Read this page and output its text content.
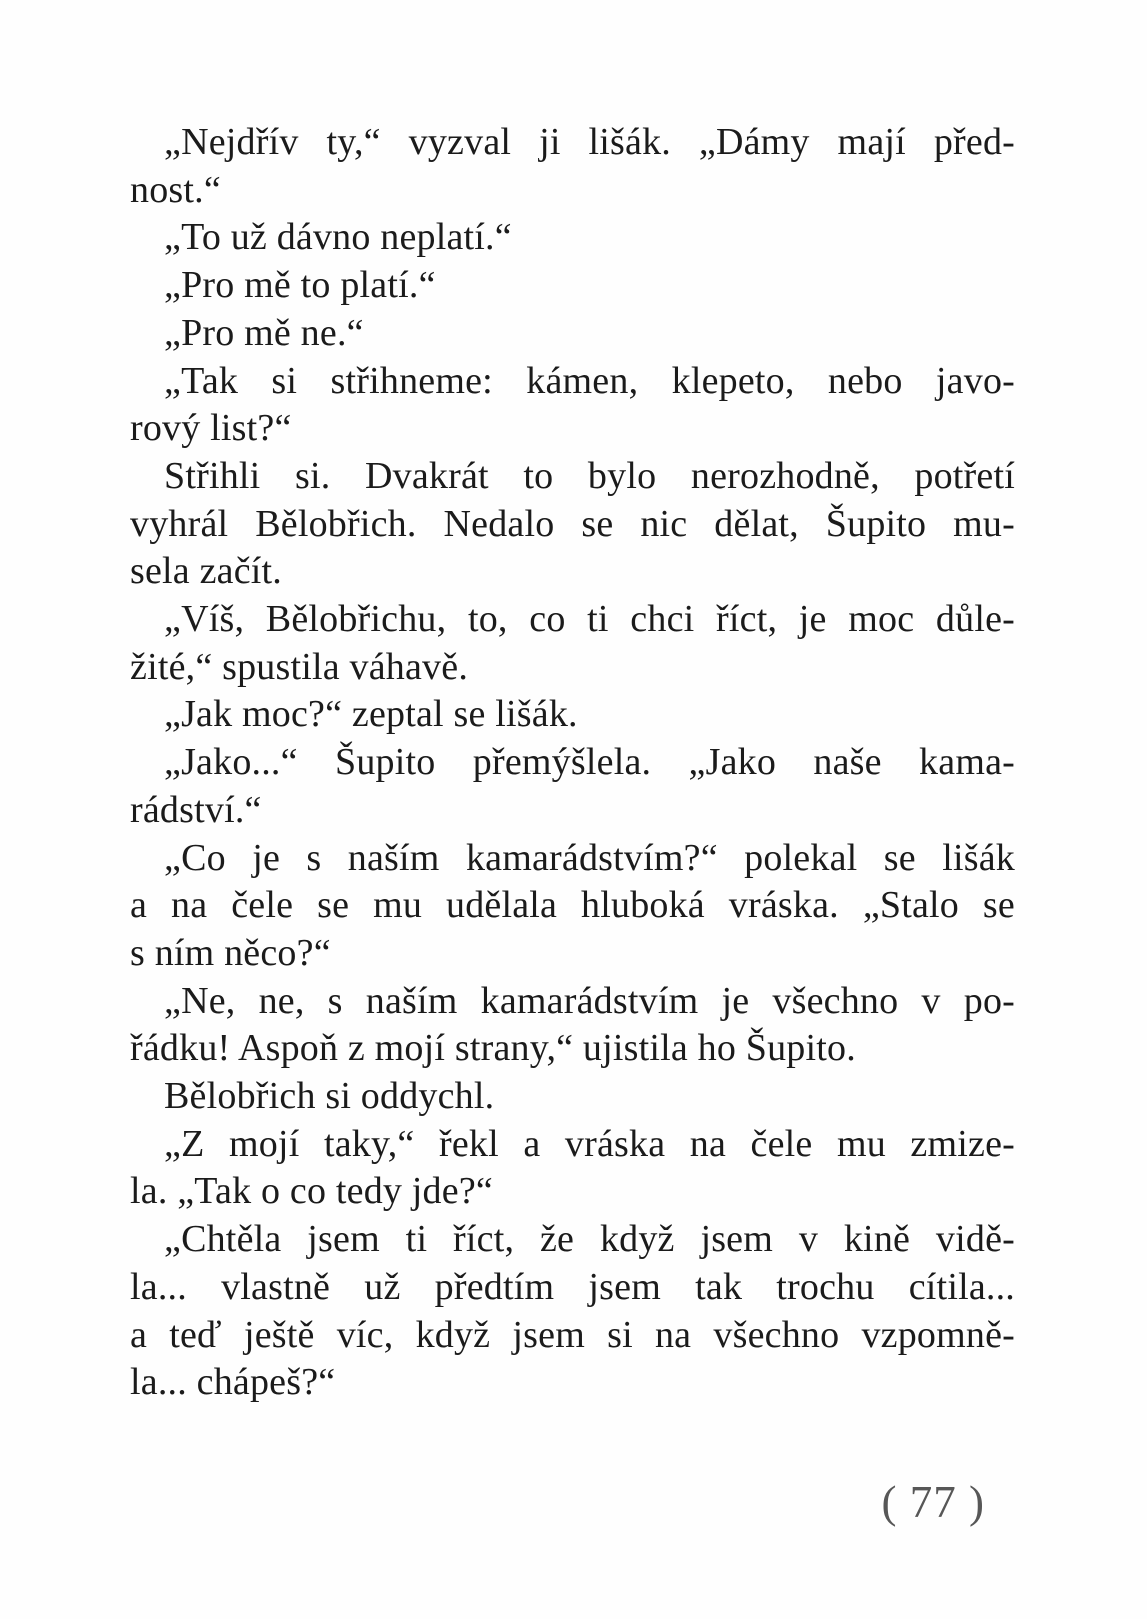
„Nejdřív ty,“ vyzval ji lišák. „Dámy mají před-
nost.“
„To už dávno neplatí.“
„Pro mě to platí.“
„Pro mě ne.“
„Tak si střihneme: kámen, klepeto, nebo javo-
rový list?“
Střihli si. Dvakrát to bylo nerozhodně, potřetí
vyhrál Bělobřich. Nedalo se nic dělat, Šupito mu-
sela začít.
„Víš, Bělobřichu, to, co ti chci říct, je moc důle-
žité,“ spustila váhavě.
„Jak moc?“ zeptal se lišák.
„Jako...“ Šupito přemýšlela. „Jako naše kama-
rádství.“
„Co je s naším kamarádstvím?“ polekal se lišák
a na čele se mu udělala hluboká vráska. „Stalo se
s ním něco?“
„Ne, ne, s naším kamarádstvím je všechno v po-
řádku! Aspoň z mojí strany,“ ujistila ho Šupito.
Bělobřich si oddychl.
„Z mojí taky,“ řekl a vráska na čele mu zmize-
la. „Tak o co tedy jde?“
„Chtěla jsem ti říct, že když jsem v kině vidě-
la... vlastně už předtím jsem tak trochu cítila...
a teď ještě víc, když jsem si na všechno vzpomně-
la... chápeš?“
( 77 )
